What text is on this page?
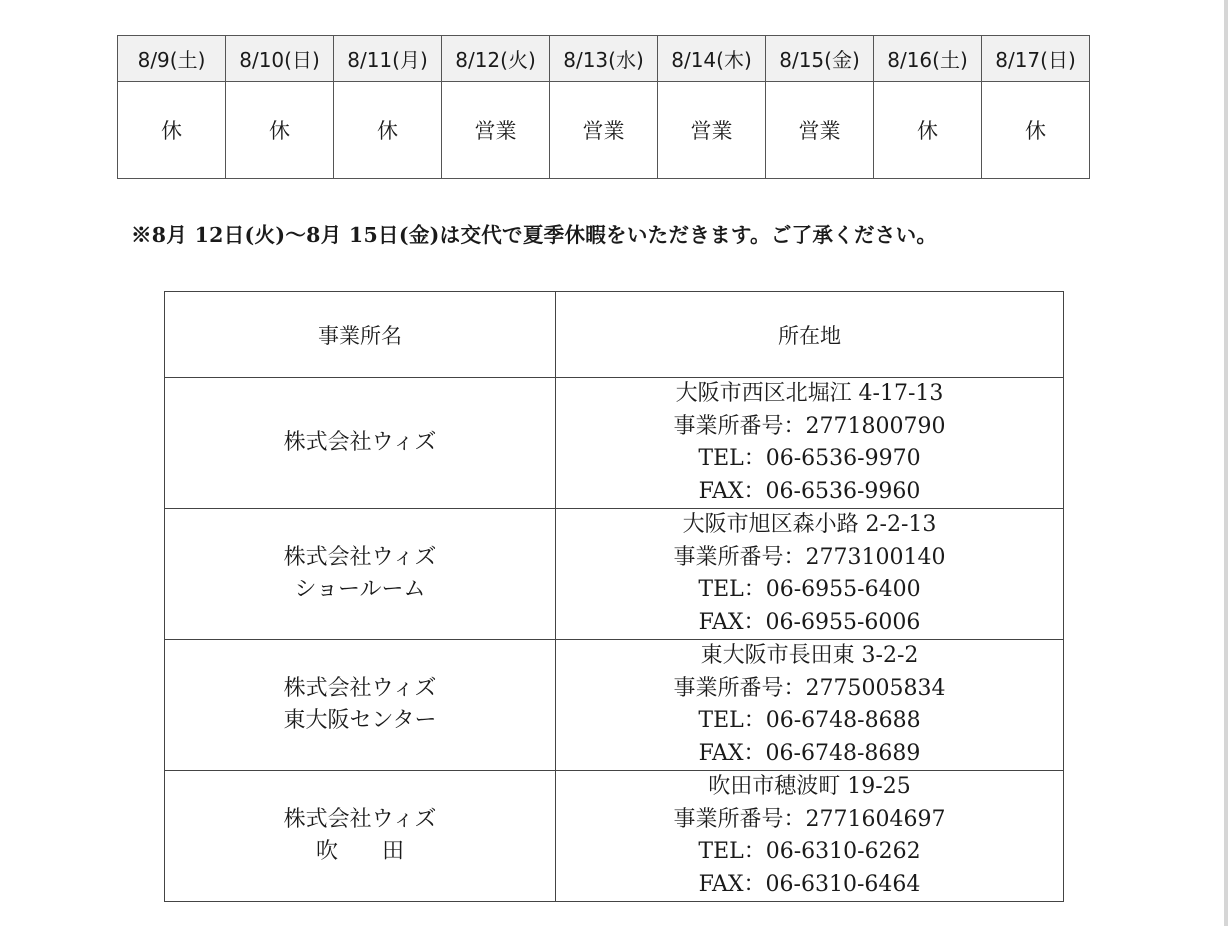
8/9(土)	8/10(日)	8/11(月)	8/12(火)	8/13(水)	8/14(木)	8/15(金)	8/16(土)	8/17(日)
休	休	休	営業	営業	営業	営業	休	休
※8月 12日(火)～8月 15日(金)は交代で夏季休暇をいただきます。ご了承ください。
事業所名	所在地

株式会社ウィズ	大阪市西区北堀江 4-17-13
事業所番号：2771800790
TEL：06-6536-9970
FAX：06-6536-9960

株式会社ウィズ
ショールーム	大阪市旭区森小路 2-2-13
事業所番号：2773100140
TEL：06-6955-6400
FAX：06-6955-6006

株式会社ウィズ
東大阪センター	東大阪市長田東 3-2-2
事業所番号：2775005834
TEL：06-6748-8688
FAX：06-6748-8689

株式会社ウィズ
吹　　田	吹田市穂波町 19-25
事業所番号：2771604697
TEL：06-6310-6262
FAX：06-6310-6464
